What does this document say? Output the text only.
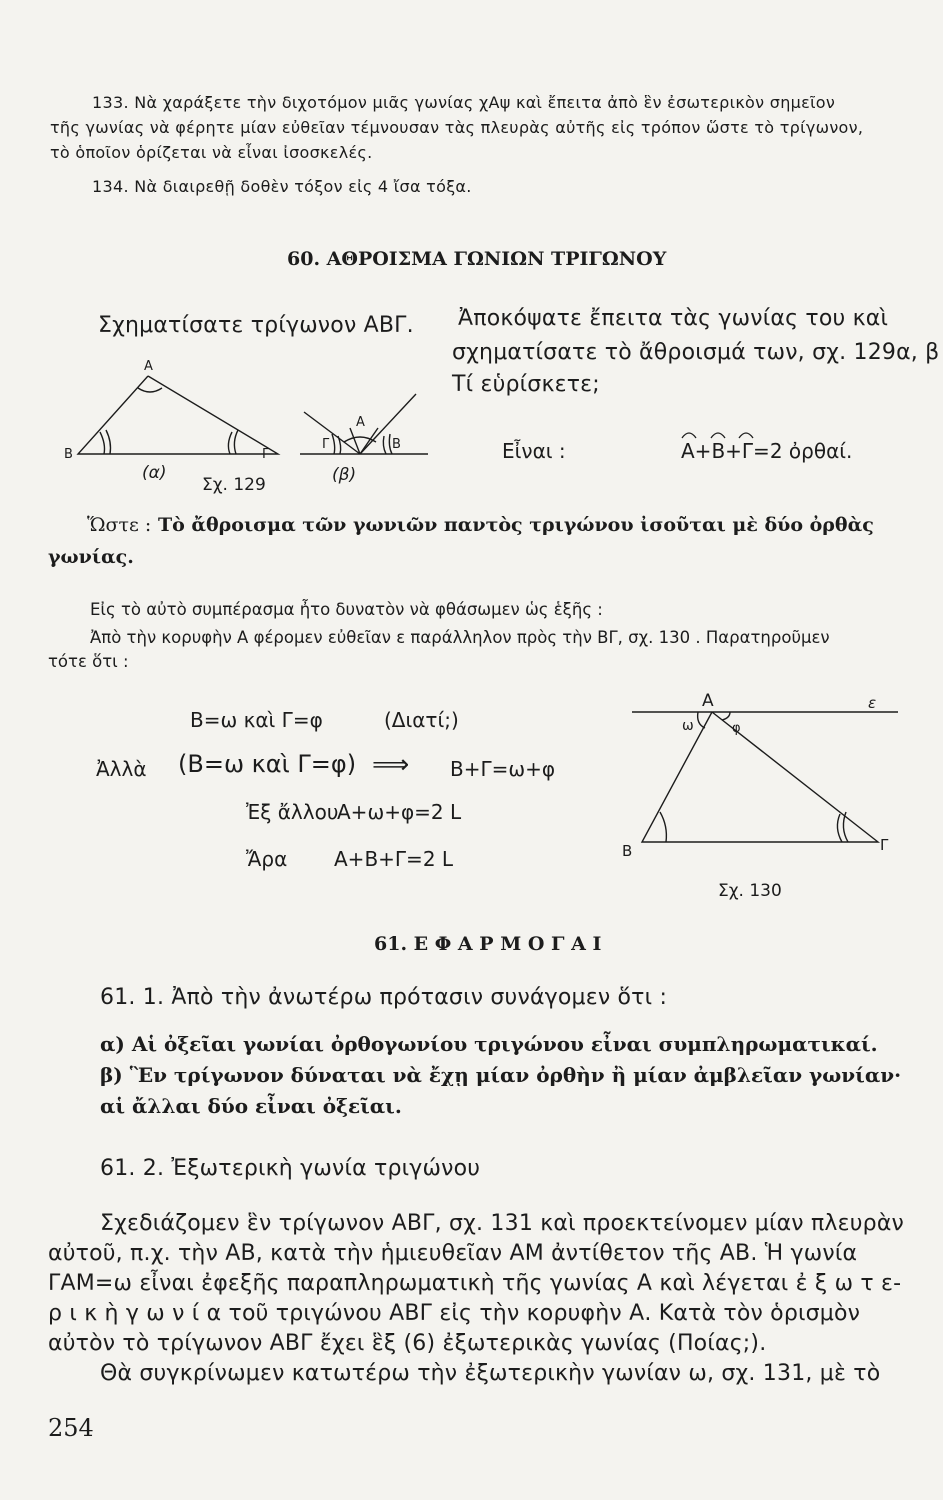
133. Νὰ χαράξετε τὴν διχοτόμον μιᾶς γωνίας χΑψ καὶ ἔπειτα ἀπὸ ἓν ἐσωτερικὸν σημεῖον
τῆς γωνίας νὰ φέρητε μίαν εὐθεῖαν τέμνουσαν τὰς πλευρὰς αὐτῆς εἰς τρόπον ὥστε τὸ τρίγωνον,
τὸ ὁποῖον ὁρίζεται νὰ εἶναι ἰσοσκελές.
134. Νὰ διαιρεθῇ δοθὲν τόξον εἰς 4 ἴσα τόξα.
60. ΑΘΡΟΙΣΜΑ ΓΩΝΙΩΝ ΤΡΙΓΩΝΟΥ
Σχηματίσατε τρίγωνον ΑΒΓ. Ἀποκόψατε ἔπειτα τὰς γωνίας του καὶ
σχηματίσατε τὸ ἄθροισμά των, σχ. 129α, β
Τί εὑρίσκετε;
Α
Β	Γ
Α
Γ	Β
(α)	(β)
Σχ. 129
Εἶναι :	Α+Β+Γ=2 ὀρθαί.
Ὥστε : Τὸ ἄθροισμα τῶν γωνιῶν παντὸς τριγώνου ἰσοῦται μὲ δύο ὀρθὰς
γωνίας.
Εἰς τὸ αὐτὸ συμπέρασμα ἦτο δυνατὸν νὰ φθάσωμεν ὡς ἑξῆς :
Ἀπὸ τὴν κορυφὴν Α φέρομεν εὐθεῖαν ε παράλληλον πρὸς τὴν ΒΓ, σχ. 130 . Παρατηροῦμεν
τότε ὅτι :
Β=ω καὶ Γ=φ	(Διατί;)
Ἀλλὰ (Β=ω καὶ Γ=φ) ⟹ Β+Γ=ω+φ
Ἐξ ἄλλου
Α+ω+φ=2 L
Ἄρα Α+Β+Γ=2 L
Α	ε
ω	φ
Β	Γ
Σχ. 130
61. Ε Φ Α Ρ Μ Ο Γ Α Ι
61. 1. Ἀπὸ τὴν ἀνωτέρω πρότασιν συνάγομεν ὅτι :
α) Αἱ ὀξεῖαι γωνίαι ὀρθογωνίου τριγώνου εἶναι συμπληρωματικαί.
β) Ἓν τρίγωνον δύναται νὰ ἔχῃ μίαν ὀρθὴν ἢ μίαν ἀμβλεῖαν γωνίαν·
αἱ ἄλλαι δύο εἶναι ὀξεῖαι.
61. 2. Ἐξωτερικὴ γωνία τριγώνου
Σχεδιάζομεν ἓν τρίγωνον ΑΒΓ, σχ. 131 καὶ προεκτείνομεν μίαν πλευρὰν
αὐτοῦ, π.χ. τὴν ΑΒ, κατὰ τὴν ἡμιευθεῖαν ΑΜ ἀντίθετον τῆς ΑΒ. Ἡ γωνία
ΓΑΜ=ω εἶναι ἐφεξῆς παραπληρωματικὴ τῆς γωνίας Α καὶ λέγεται ἐ ξ ω τ ε-
ρ ι κ ὴ γ ω ν ί α τοῦ τριγώνου ΑΒΓ εἰς τὴν κορυφὴν Α. Κατὰ τὸν ὁρισμὸν
αὐτὸν τὸ τρίγωνον ΑΒΓ ἔχει ἓξ (6) ἐξωτερικὰς γωνίας (Ποίας;).
Θὰ συγκρίνωμεν κατωτέρω τὴν ἐξωτερικὴν γωνίαν ω, σχ. 131, μὲ τὸ
254
